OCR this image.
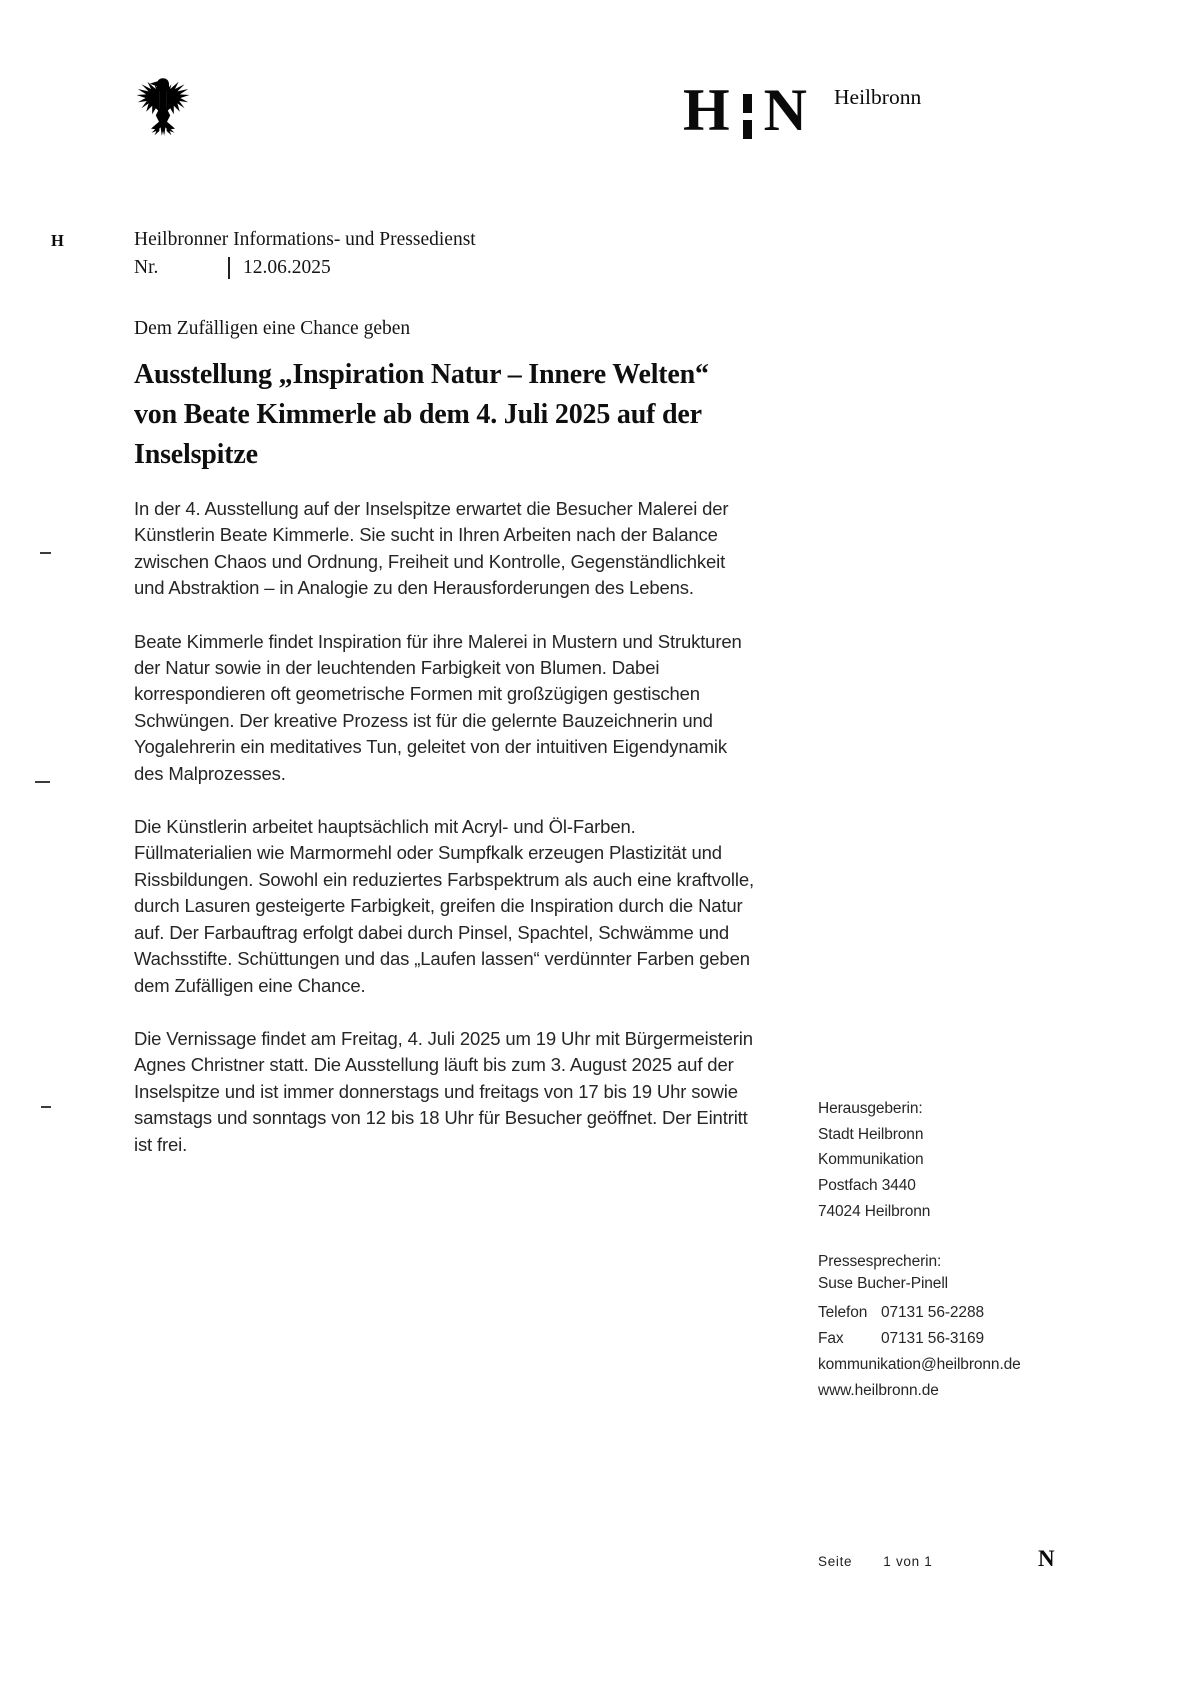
H N Heilbronn
H	Heilbronner Informations- und Pressedienst
Nr.	12.06.2025
Dem Zufälligen eine Chance geben
Ausstellung „Inspiration Natur – Innere Welten“
von Beate Kimmerle ab dem 4. Juli 2025 auf der
Inselspitze
In der 4. Ausstellung auf der Inselspitze erwartet die Besucher Malerei der
Künstlerin Beate Kimmerle. Sie sucht in Ihren Arbeiten nach der Balance
zwischen Chaos und Ordnung, Freiheit und Kontrolle, Gegenständlichkeit
und Abstraktion – in Analogie zu den Herausforderungen des Lebens.
Beate Kimmerle findet Inspiration für ihre Malerei in Mustern und Strukturen
der Natur sowie in der leuchtenden Farbigkeit von Blumen. Dabei
korrespondieren oft geometrische Formen mit großzügigen gestischen
Schwüngen. Der kreative Prozess ist für die gelernte Bauzeichnerin und
Yogalehrerin ein meditatives Tun, geleitet von der intuitiven Eigendynamik
des Malprozesses.
Die Künstlerin arbeitet hauptsächlich mit Acryl- und Öl-Farben.
Füllmaterialien wie Marmormehl oder Sumpfkalk erzeugen Plastizität und
Rissbildungen. Sowohl ein reduziertes Farbspektrum als auch eine kraftvolle,
durch Lasuren gesteigerte Farbigkeit, greifen die Inspiration durch die Natur
auf. Der Farbauftrag erfolgt dabei durch Pinsel, Spachtel, Schwämme und
Wachsstifte. Schüttungen und das „Laufen lassen“ verdünnter Farben geben
dem Zufälligen eine Chance.
Die Vernissage findet am Freitag, 4. Juli 2025 um 19 Uhr mit Bürgermeisterin
Agnes Christner statt. Die Ausstellung läuft bis zum 3. August 2025 auf der
Inselspitze und ist immer donnerstags und freitags von 17 bis 19 Uhr sowie
samstags und sonntags von 12 bis 18 Uhr für Besucher geöffnet. Der Eintritt
ist frei.
Herausgeberin:
Stadt Heilbronn
Kommunikation
Postfach 3440
74024 Heilbronn
Pressesprecherin:
Suse Bucher-Pinell
Telefon 07131 56-2288
Fax	07131 56-3169
kommunikation@heilbronn.de
www.heilbronn.de
Seite 1 von 1	N
